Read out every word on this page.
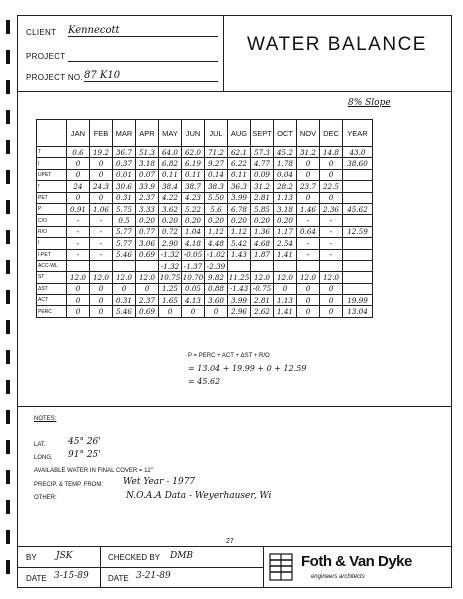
CLIENT Kennecott
PROJECT
PROJECT NO. 87 K10
WATER BALANCE
8% Slope
	JAN	FEB	MAR	APR	MAY	JUN	JUL	AUG	SEPT	OCT	NOV	DEC	YEAR
T	0.6	19.2	36.7	51.3	64.0	62.0	71.2	62.1	57.3	45.2	31.2	14.8	43.0
I	0	0	0.37	3.18	6.82	6.19	9.27	6.22	4.77	1.78	0	0	38.60
UPET	0	0	0.01	0.07	0.11	0.11	0.14	0.11	0.09	0.04	0	0	
r	24	24.3	30.6	33.9	38.4	38.7	38.3	36.3	31.2	28.2	23.7	22.5	
PET	0	0	0.31	2.37	4.22	4.23	5.50	3.99	2.81	1.13	0	0	
P	0.91	1.06	5.75	3.33	3.62	5.22	5.6	6.78	5.85	3.18	1.46	2.36	45.62
C/O	-	-	0.5	0.20	0.20	0.20	0.20	0.20	0.20	0.20	-	-	
R/O	-	-	5.77	0.77	0.72	1.04	1.12	1.12	1.36	1.17	0.64	-	12.59
I	-	-	5.77	3.06	2.90	4.18	4.48	5.42	4.68	2.54	-	-	
I-PET	-	-	5.46	0.69	-1.32	-0.05	-1.02	1.43	1.87	1.41	-	-	
ACC-WL					-1.32	-1.37	-2.39						
ST	12.0	12.0	12.0	12.0	10.75	10.70	9.82	11.25	12.0	12.0	12.0	12.0	
ΔST	0	0	0	0	1.25	0.05	0.88	-1.43	-0.75	0	0	0	
ACT	0	0	0.31	2.37	1.65	4.13	3.60	3.99	2.81	1.13	0	0	19.99
PERC	0	0	5.46	0.69	0	0	0	2.96	2.62	1.41	0	0	13.04
P = PERC + ACT + ΔST + R/O
= 13.04 + 19.99 + 0 + 12.59
= 45.62
NOTES:
LAT. 45° 26'
LONG. 91° 25'
AVAILABLE WATER IN FINAL COVER = 12"
PRECIP. & TEMP. FROM: Wet Year - 1977
OTHER:	N.O.A.A Data - Weyerhauser, Wi
27
BY JSK
DATE 3-15-89
CHECKED BY DMB
DATE 3-21-89
Foth & Van Dyke
engineers architects
